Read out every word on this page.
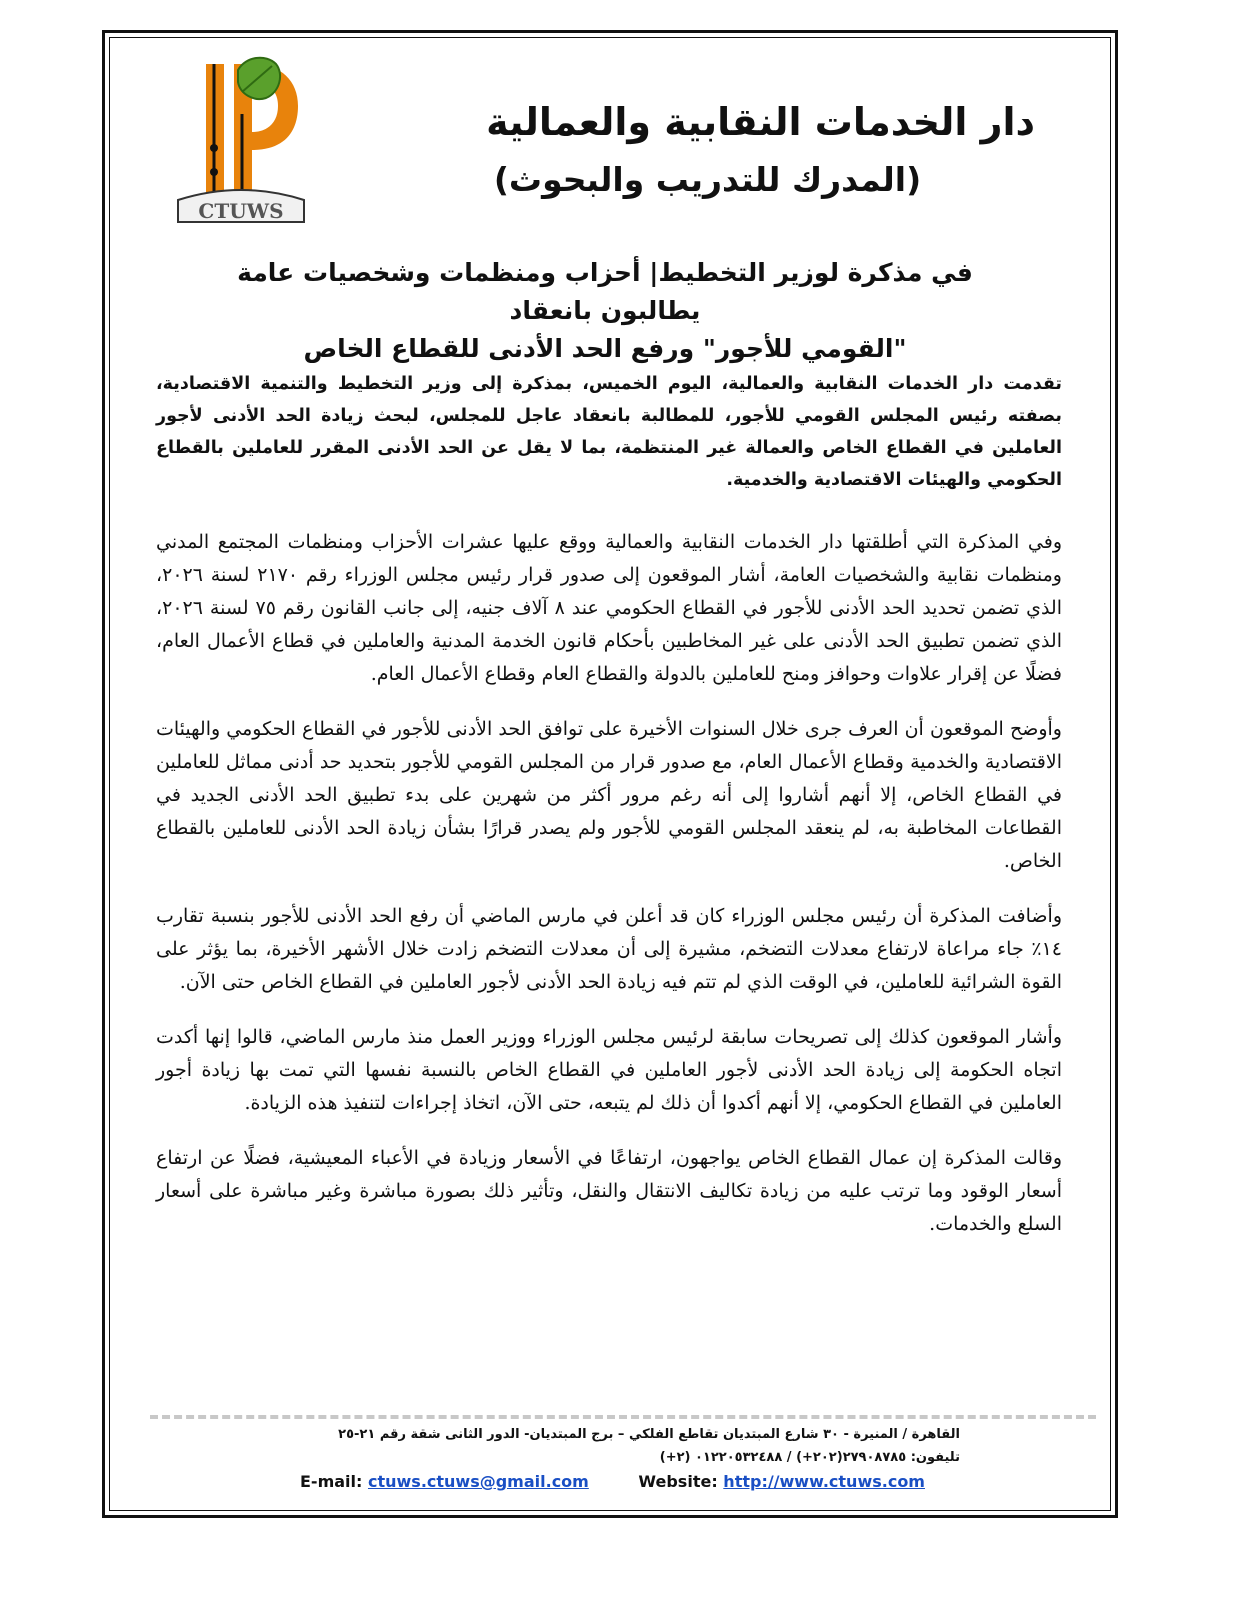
CTUWS
دار الخدمات النقابية والعمالية
(المدرك للتدريب والبحوث)
في مذكرة لوزير التخطيط| أحزاب ومنظمات وشخصيات عامة يطالبون بانعقاد
"القومي للأجور" ورفع الحد الأدنى للقطاع الخاص

تقدمت دار الخدمات النقابية والعمالية، اليوم الخميس، بمذكرة إلى وزير التخطيط والتنمية الاقتصادية، بصفته رئيس المجلس القومي للأجور، للمطالبة بانعقاد عاجل للمجلس، لبحث زيادة الحد الأدنى لأجور العاملين في القطاع الخاص والعمالة غير المنتظمة، بما لا يقل عن الحد الأدنى المقرر للعاملين بالقطاع الحكومي والهيئات الاقتصادية والخدمية.

وفي المذكرة التي أطلقتها دار الخدمات النقابية والعمالية ووقع عليها عشرات الأحزاب ومنظمات المجتمع المدني ومنظمات نقابية والشخصيات العامة، أشار الموقعون إلى صدور قرار رئيس مجلس الوزراء رقم ٢١٧٠ لسنة ٢٠٢٦، الذي تضمن تحديد الحد الأدنى للأجور في القطاع الحكومي عند ٨ آلاف جنيه، إلى جانب القانون رقم ٧٥ لسنة ٢٠٢٦، الذي تضمن تطبيق الحد الأدنى على غير المخاطبين بأحكام قانون الخدمة المدنية والعاملين في قطاع الأعمال العام، فضلًا عن إقرار علاوات وحوافز ومنح للعاملين بالدولة والقطاع العام وقطاع الأعمال العام.

وأوضح الموقعون أن العرف جرى خلال السنوات الأخيرة على توافق الحد الأدنى للأجور في القطاع الحكومي والهيئات الاقتصادية والخدمية وقطاع الأعمال العام، مع صدور قرار من المجلس القومي للأجور بتحديد حد أدنى مماثل للعاملين في القطاع الخاص، إلا أنهم أشاروا إلى أنه رغم مرور أكثر من شهرين على بدء تطبيق الحد الأدنى الجديد في القطاعات المخاطبة به، لم ينعقد المجلس القومي للأجور ولم يصدر قرارًا بشأن زيادة الحد الأدنى للعاملين بالقطاع الخاص.

وأضافت المذكرة أن رئيس مجلس الوزراء كان قد أعلن في مارس الماضي أن رفع الحد الأدنى للأجور بنسبة تقارب ١٤٪ جاء مراعاة لارتفاع معدلات التضخم، مشيرة إلى أن معدلات التضخم زادت خلال الأشهر الأخيرة، بما يؤثر على القوة الشرائية للعاملين، في الوقت الذي لم تتم فيه زيادة الحد الأدنى لأجور العاملين في القطاع الخاص حتى الآن.

وأشار الموقعون كذلك إلى تصريحات سابقة لرئيس مجلس الوزراء ووزير العمل منذ مارس الماضي، قالوا إنها أكدت اتجاه الحكومة إلى زيادة الحد الأدنى لأجور العاملين في القطاع الخاص بالنسبة نفسها التي تمت بها زيادة أجور العاملين في القطاع الحكومي، إلا أنهم أكدوا أن ذلك لم يتبعه، حتى الآن، اتخاذ إجراءات لتنفيذ هذه الزيادة.

وقالت المذكرة إن عمال القطاع الخاص يواجهون، ارتفاعًا في الأسعار وزيادة في الأعباء المعيشية، فضلًا عن ارتفاع أسعار الوقود وما ترتب عليه من زيادة تكاليف الانتقال والنقل، وتأثير ذلك بصورة مباشرة وغير مباشرة على أسعار السلع والخدمات.

القاهرة / المنيرة - ٣٠ شارع المبتديان تقاطع الفلكي – برج المبتديان- الدور الثانى شقة رقم ٢١-٢٥
تليفون: ٢٧٩٠٨٧٨٥(٢٠٢+) / ٠١٢٢٠٥٣٢٤٨٨ (٢+)
E-mail: ctuws.ctuws@gmail.com	Website: http://www.ctuws.com
